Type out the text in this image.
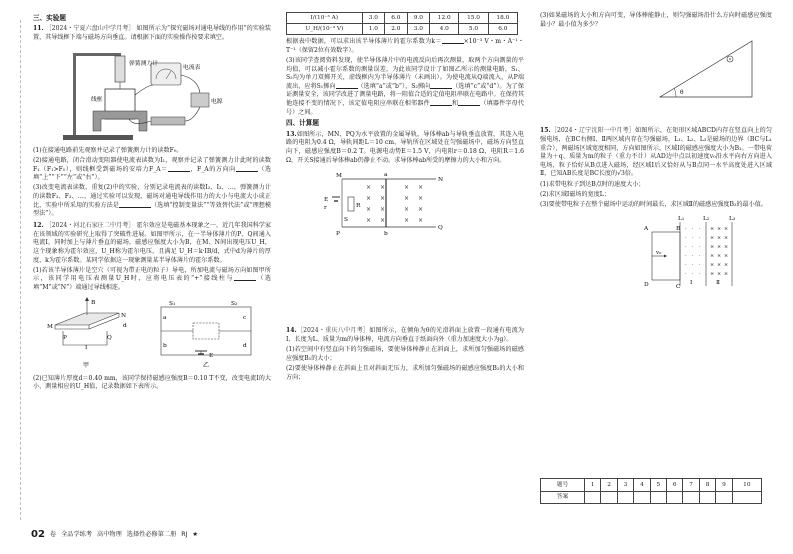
三、实验题

11. ［2024・宁夏六盘山中学月考］ 如图所示为“探究磁场对通电导线的作用”的实验装置，其导线框下端与磁场方向垂直。请根据下面的实验操作按要求填空。

弹簧测力计
电流表
线框	电源

(1)在接通电路前先观察并记录了弹簧测力计的读数F₀。

(2)接通电路，闭合滑动变阻器使电流表读数为I₁，观察并记录了弹簧测力计此时的读数F₁（F₁>F₀），则线框受到磁场的安培力F_A＝	，F_A的方向向	（选填“上”“下”“左”或“右”）。

(3)改变电流表读数，重复(2)中的实验，分别记录电流表的读数I₂、I₃、…，弹簧测力计的读数F₂、F₃、…，通过实验可以发现，磁场对通电导线作用力的大小与电流大小成正比，实验中所采用的实验方法是	（选填“控制变量法”“等效替代法”或“理想模型法”）。

12. ［2024・河北石家庄二中月考］ 霍尔效应是电磁基本现象之一，近几年我国科学家在该领域的实验研究上取得了突破性进展。如图甲所示，在一半导体薄片的P、Q间通入电流I，同时加上与薄片垂直的磁场，磁感应强度大小为B，在M、N间出现电压U_H，这个现象称为霍尔效应，U_H称为霍尔电压，且满足 U_H＝k·IB/d，式中d为薄片的厚度，k为霍尔系数。某同学依据这一现象测量某半导体薄片的霍尔系数。

(1)若该半导体薄片是空穴（可视为带正电的粒子）导电，所加电流与磁场方向如图甲所示，该同学用电压表测量U_H时，应将电压表的“+”接线柱与	（选填“M”或“N”）端通过导线相连。

B
M
N
P	Q
I
d
甲
E
S₁	S₂
a
b
c
d
乙

(2)已知薄片厚度d＝0.40 mm，该同学保持磁感应强度B＝0.10 T不变，改变电流I的大小，测量相应的U_H值，记录数据如下表所示。

I/(10⁻³ A)	3.0	6.0	9.0	12.0	15.0	18.0
U_H/(10⁻³ V)	1.0	2.0	3.0	4.0	5.0	6.0

根据表中数据，可以求出该半导体薄片的霍尔系数为k＝	×10⁻³ V・m・A⁻¹・T⁻¹（保留2位有效数字）。

(3)该同学查阅资料发现，使半导体薄片中的电流反向后再次测量，取两个方向测量的平均值，可以减小霍尔系数的测量误差，为此该同学设计了如图乙所示的测量电路，S₁、S₂均为单刀双掷开关，虚线框内为半导体薄片（未画出）。为使电流从Q端流入，从P端流出，应将S₁掷向	（选填“a”或“b”），S₂掷向	（选填“c”或“d”）。为了保证测量安全，该同学改进了测量电路，将一阻值合适的定值电阻串联在电路中。在保持其他连接不变的情况下，该定值电阻应串联在相邻器件	和	（填器件字母代号）之间。

四、计算题

13.如图所示，MN、PQ为水平放置的金属导轨，导体棒ab与导轨垂直放置，其连入电路的电阻为0.4 Ω，导轨间距L＝10 cm，导轨所在区域处在匀强磁场中，磁场方向竖直向下，磁感应强度B＝0.2 T。电源电动势E＝1.5 V，内电阻r＝0.18 Ω，电阻R＝1.6 Ω，开关S接通后导体棒ab仍静止不动。求导体棒ab所受的摩擦力的大小和方向。

× ×	× ×
× ×	× ×
× ×	× ×
× ×	× ×
M
N
P
Q
a
b
E
r	R
S

14.［2024・重庆八中月考］如图所示，在倾角为θ的光滑斜面上放置一段通有电流为I、长度为L、质量为m的导体棒，电流方向垂直于纸面向外（重力加速度大小为g）。

(1)若空间中有竖直向下的匀强磁场，要使导体棒静止在斜面上，求所加匀强磁场的磁感应强度B₁的大小；

(2)要使导体棒静止在斜面上且对斜面无压力，求所加匀强磁场的磁感应强度B₂的大小和方向；

(3)如果磁场的大小和方向可变，导体棒能静止，则匀强磁场沿什么方向时磁感应强度最小？最小值为多少？

θ

15.［2024・辽宁沈阳一中月考］如图所示，在矩形区域ABCD内存在竖直向上的匀强电场，在BC右侧Ⅰ、Ⅱ两区域内存在匀强磁场，L₁、L₂、L₃是磁场的边界（BC与L₁重合），两磁场区域宽度相同，方向如图所示，区域Ⅰ的磁感应强度大小为B₁。一带电荷量为＋q、质量为m的粒子（重力不计）从AD边中点以初速度v₀沿水平向右方向进入电场，粒子恰好从B点进入磁场，经区域Ⅰ后又恰好从与B点同一水平高度处进入区域Ⅱ，已知AB长度是BC长度的√3倍。

(1)求带电粒子到达B点时的速度大小；

(2)求区域Ⅰ磁场的宽度L；

(3)要使带电粒子在整个磁场中运动的时间最长，求区域Ⅱ的磁感应强度B₂的最小值。

·	×
·	×
·	×
·	×
·	×
·	×
·	×
·	×
·	×
·	×
·	×
·	×
·	×
·	×
·	×
·	×
·	×
·	×
A	B
C
D
L₁	L₂	L₃
v₀
Ⅰ	Ⅱ
题号	1	2	3	4	5	6	7	8	9	10
答案										
02 卷 全品学练考 高中物理 选择性必修第二册 RJ ★
